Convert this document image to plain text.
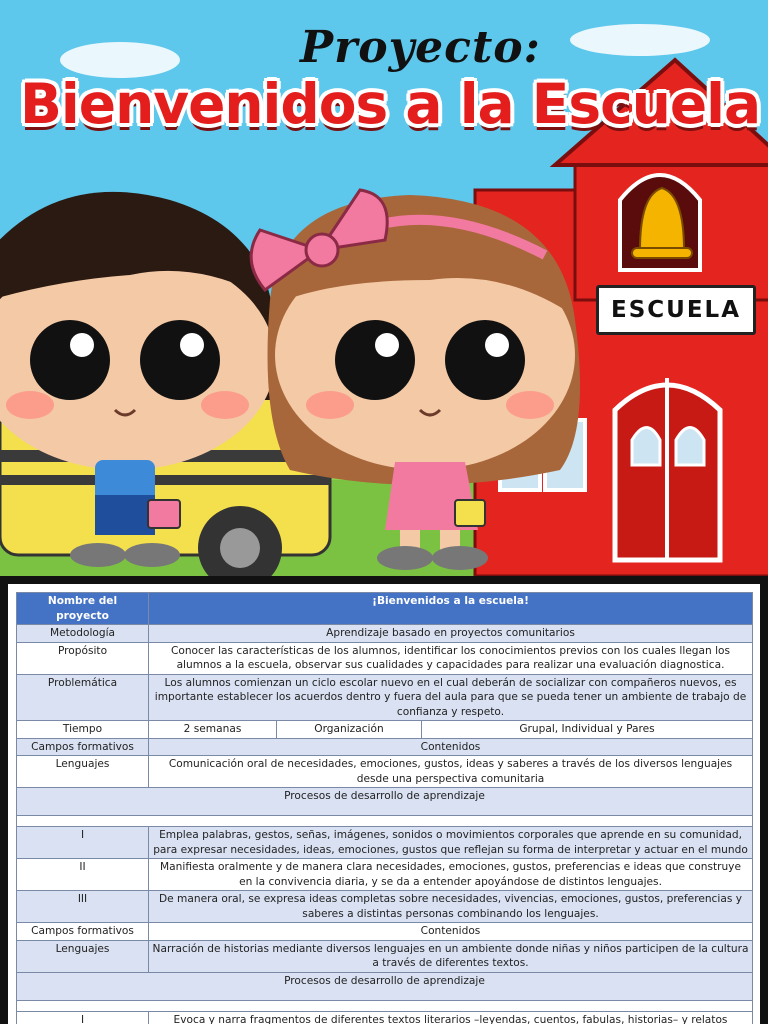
Proyecto:
Bienvenidos a la Escuela
ESCUELA
Nombre del proyecto	¡Bienvenidos a la escuela!		
Metodología	Aprendizaje basado en proyectos comunitarios		
Propósito	Conocer las características de los alumnos, identificar los conocimientos previos con los cuales llegan los alumnos a la escuela, observar sus cualidades y capacidades para realizar una evaluación diagnostica.		
Problemática	Los alumnos comienzan un ciclo escolar nuevo en el cual deberán de socializar con compañeros nuevos, es importante establecer los acuerdos dentro y fuera del aula para que se pueda tener un ambiente de trabajo de confianza y respeto.		
Tiempo	2 semanas	Organización	Grupal, Individual y Pares
Campos formativos	Contenidos		
Lenguajes	Comunicación oral de necesidades, emociones, gustos, ideas y saberes a través de los diversos lenguajes desde una perspectiva comunitaria		
Procesos de desarrollo de aprendizaje			

I	Emplea palabras, gestos, señas, imágenes, sonidos o movimientos corporales que aprende en su comunidad, para expresar necesidades, ideas, emociones, gustos que reflejan su forma de interpretar y actuar en el mundo		
II	Manifiesta oralmente y de manera clara necesidades, emociones, gustos, preferencias e ideas que construye en la convivencia diaria, y se da a entender apoyándose de distintos lenguajes.		
III	De manera oral, se expresa ideas completas sobre necesidades, vivencias, emociones, gustos, preferencias y saberes a distintas personas combinando los lenguajes.		
Campos formativos	Contenidos		
Lenguajes	Narración de historias mediante diversos lenguajes en un ambiente donde niñas y niños participen de la cultura a través de diferentes textos.		
Procesos de desarrollo de aprendizaje			

I	Evoca y narra fragmentos de diferentes textos literarios –leyendas, cuentos, fabulas, historias– y relatos		
